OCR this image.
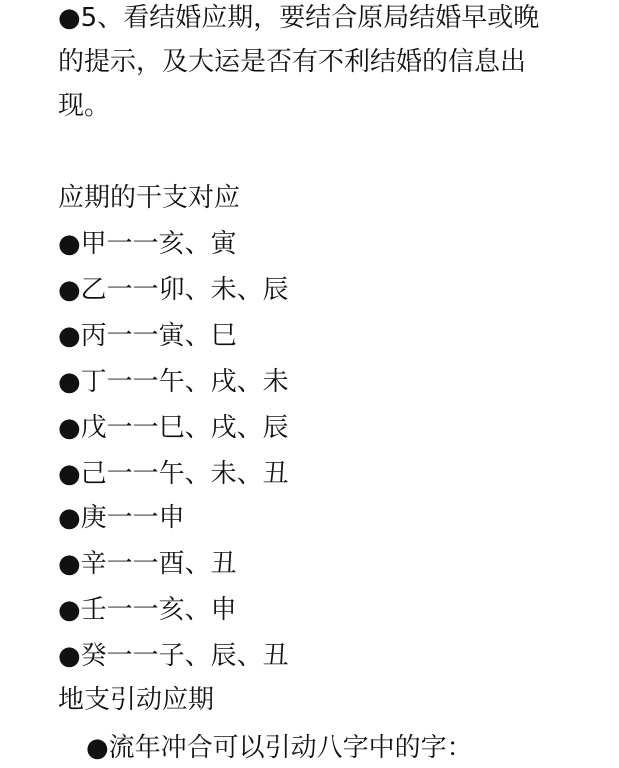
●5、看结婚应期，要结合原局结婚早或晚
的提示，及大运是否有不利结婚的信息出
现。
应期的干支对应
●甲一一亥、寅
●乙一一卯、未、辰
●丙一一寅、巳
●丁一一午、戌、未
●戊一一巳、戌、辰
●己一一午、未、丑
●庚一一申
●辛一一酉、丑
●壬一一亥、申
●癸一一子、辰、丑
地支引动应期
●流年冲合可以引动八字中的字：
